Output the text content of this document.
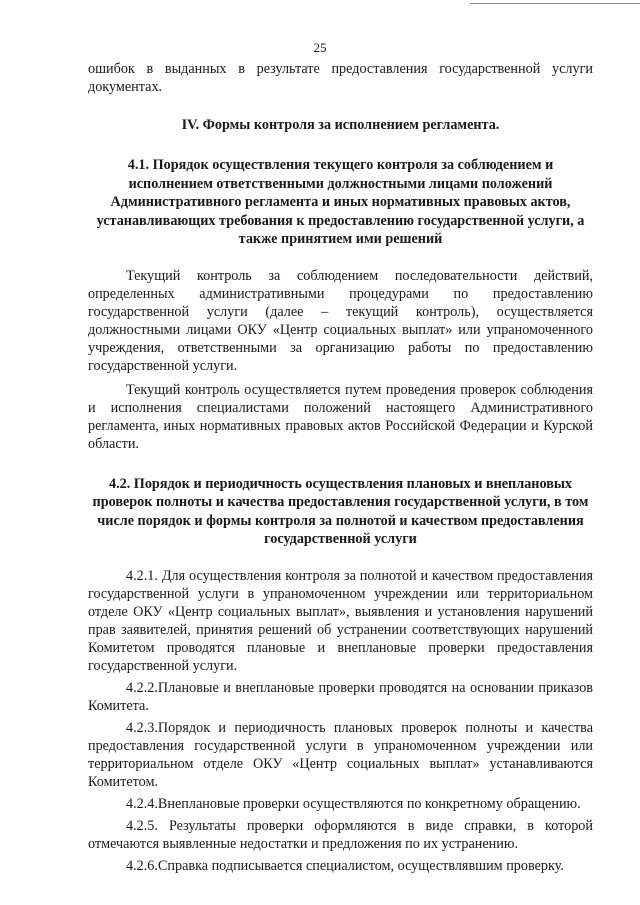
25

ошибок в выданных в результате предоставления государственной услуги документах.

IV. Формы контроля за исполнением регламента.
4.1. Порядок осуществления текущего контроля за соблюдением и исполнением ответственными должностными лицами положений Административного регламента и иных нормативных правовых актов, устанавливающих требования к предоставлению государственной услуги, а также принятием ими решений

Текущий контроль за соблюдением последовательности действий, определенных административными процедурами по предоставлению государственной услуги (далее – текущий контроль), осуществляется должностными лицами ОКУ «Центр социальных выплат» или упраномоченного учреждения, ответственными за организацию работы по предоставлению государственной услуги.

Текущий контроль осуществляется путем проведения проверок соблюдения и исполнения специалистами положений настоящего Административного регламента, иных нормативных правовых актов Российской Федерации и Курской области.

4.2. Порядок и периодичность осуществления плановых и внеплановых проверок полноты и качества предоставления государственной услуги, в том числе порядок и формы контроля за полнотой и качеством предоставления государственной услуги

4.2.1. Для осуществления контроля за полнотой и качеством предоставления государственной услуги в упраномоченном учреждении или территориальном отделе ОКУ «Центр социальных выплат», выявления и установления нарушений прав заявителей, принятия решений об устранении соответствующих нарушений Комитетом проводятся плановые и внеплановые проверки предоставления государственной услуги.

4.2.2.Плановые и внеплановые проверки проводятся на основании приказов Комитета.

4.2.3.Порядок и периодичность плановых проверок полноты и качества предоставления государственной услуги в упраномоченном учреждении или территориальном отделе ОКУ «Центр социальных выплат» устанавливаются Комитетом.

4.2.4.Внеплановые проверки осуществляются по конкретному обращению.

4.2.5. Результаты проверки оформляются в виде справки, в которой отмечаются выявленные недостатки и предложения по их устранению.

4.2.6.Справка подписывается специалистом, осуществлявшим проверку.
